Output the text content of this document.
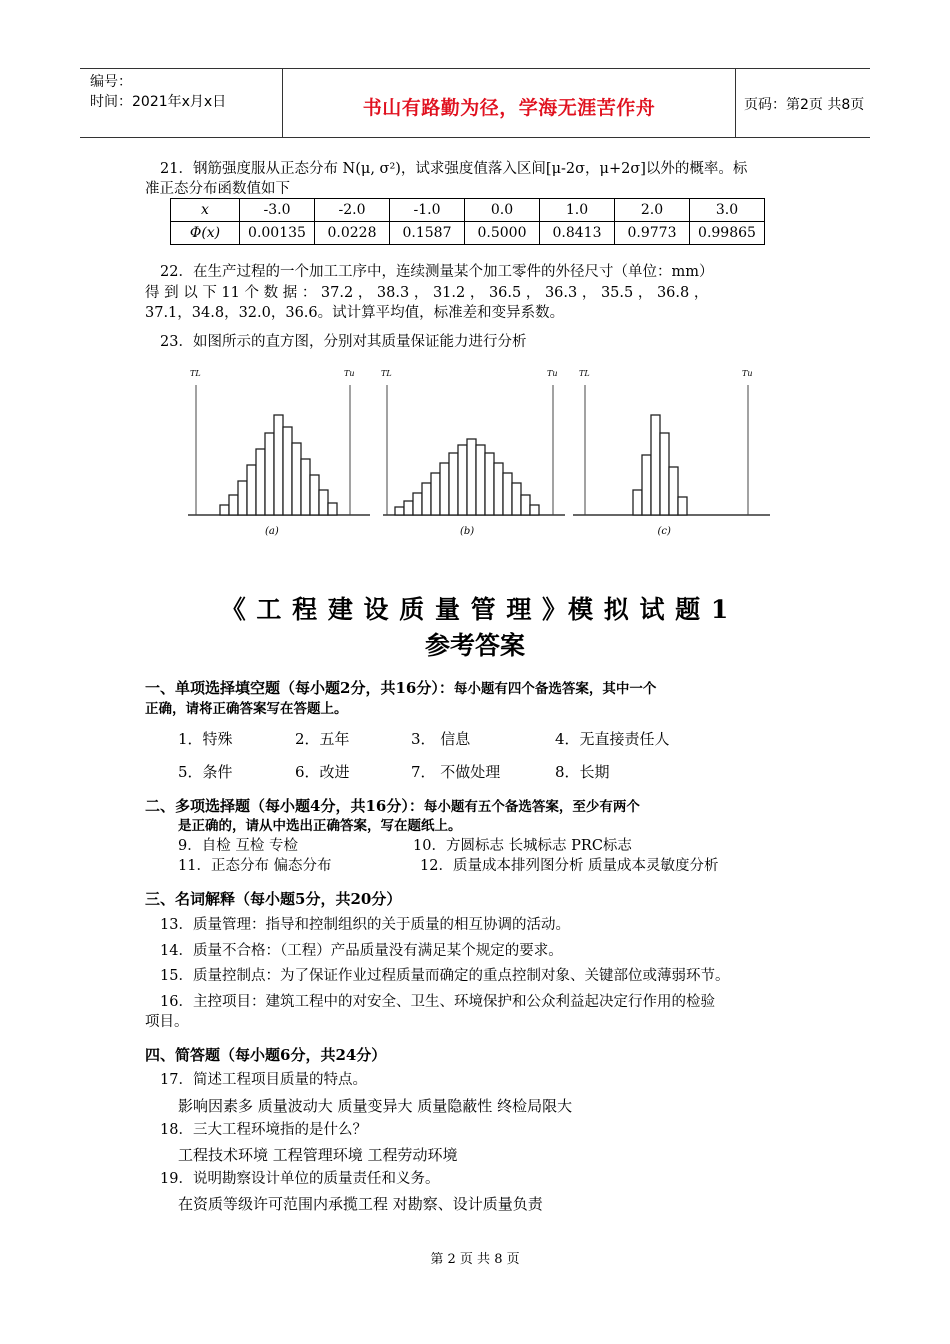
编号：
时间：2021年x月x日	书山有路勤为径，学海无涯苦作舟	页码：第2页 共8页
21．钢筋强度服从正态分布 N(μ, σ²)，试求强度值落入区间[μ-2σ，μ+2σ]以外的概率。标
准正态分布函数值如下
x	-3.0	-2.0	-1.0	0.0	1.0	2.0	3.0
Φ(x)	0.00135	0.0228	0.1587	0.5000	0.8413	0.9773	0.99865
22．在生产过程的一个加工工序中，连续测量某个加工零件的外径尺寸（单位：mm）
得 到 以 下 11 个 数 据 ： 37.2 ， 38.3 ， 31.2 ， 36.5 ， 36.3 ， 35.5 ， 36.8 ，
37.1，34.8，32.0，36.6。试计算平均值，标准差和变异系数。
23．如图所示的直方图，分别对其质量保证能力进行分析
TL	Tu
(a)
TL	Tu
(b)
TL	Tu
(c)
《 工 程 建 设 质 量 管 理 》模 拟 试 题 1
参考答案
一、单项选择填空题（每小题2分，共16分）：每小题有四个备选答案，其中一个
正确，请将正确答案写在答题上。
1．特殊	2．五年	3． 信息	4．无直接责任人
5．条件	6．改进	7． 不做处理	8．长期
二、多项选择题（每小题4分，共16分）：每小题有五个备选答案，至少有两个
是正确的，请从中选出正确答案，写在题纸上。
9．自检 互检 专检	10．方圆标志 长城标志 PRC标志
11．正态分布 偏态分布	12．质量成本排列图分析 质量成本灵敏度分析
三、名词解释（每小题5分，共20分）
13．质量管理：指导和控制组织的关于质量的相互协调的活动。
14．质量不合格：（工程）产品质量没有满足某个规定的要求。
15．质量控制点：为了保证作业过程质量而确定的重点控制对象、关键部位或薄弱环节。
16．主控项目：建筑工程中的对安全、卫生、环境保护和公众利益起决定行作用的检验
项目。
四、简答题（每小题6分，共24分）
17．简述工程项目质量的特点。
影响因素多 质量波动大 质量变异大 质量隐蔽性 终检局限大
18．三大工程环境指的是什么？
工程技术环境 工程管理环境 工程劳动环境
19．说明勘察设计单位的质量责任和义务。
在资质等级许可范围内承揽工程 对勘察、设计质量负责
第 2 页 共 8 页
